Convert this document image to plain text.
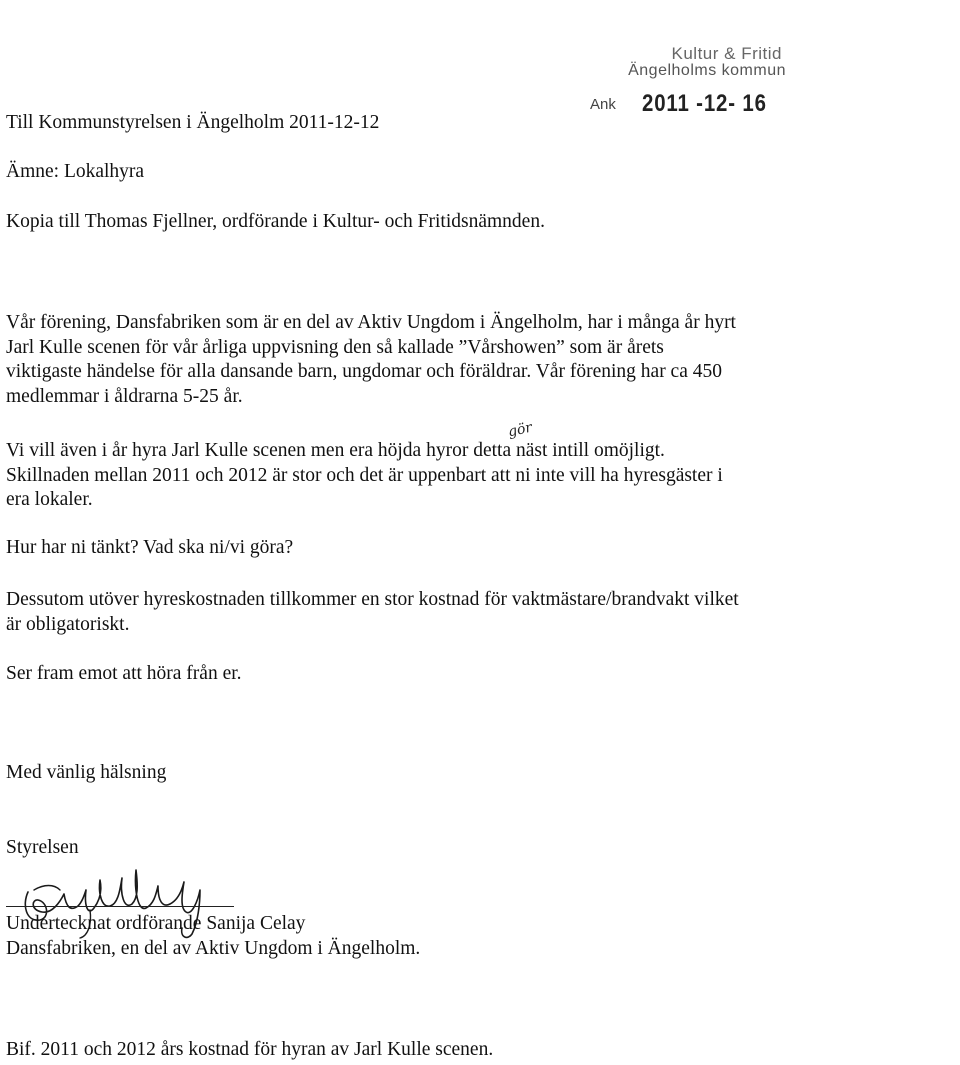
Kultur & Fritid
Ängelholms kommun
Ank 2011 -12- 16
Till Kommunstyrelsen i Ängelholm 2011-12-12
Ämne: Lokalhyra
Kopia till Thomas Fjellner, ordförande i Kultur- och Fritidsnämnden.
Vår förening, Dansfabriken som är en del av Aktiv Ungdom i Ängelholm, har i många år hyrt
Jarl Kulle scenen för vår årliga uppvisning den så kallade ”Vårshowen” som är årets
viktigaste händelse för alla dansande barn, ungdomar och föräldrar. Vår förening har ca 450
medlemmar i åldrarna 5-25 år.
gör
Vi vill även i år hyra Jarl Kulle scenen men era höjda hyror detta näst intill omöjligt.
Skillnaden mellan 2011 och 2012 är stor och det är uppenbart att ni inte vill ha hyresgäster i
era lokaler.
Hur har ni tänkt? Vad ska ni/vi göra?
Dessutom utöver hyreskostnaden tillkommer en stor kostnad för vaktmästare/brandvakt vilket
är obligatoriskt.
Ser fram emot att höra från er.
Med vänlig hälsning
Styrelsen
Undertecknat ordförande Sanija Celay
Dansfabriken, en del av Aktiv Ungdom i Ängelholm.
Bif. 2011 och 2012 års kostnad för hyran av Jarl Kulle scenen.
